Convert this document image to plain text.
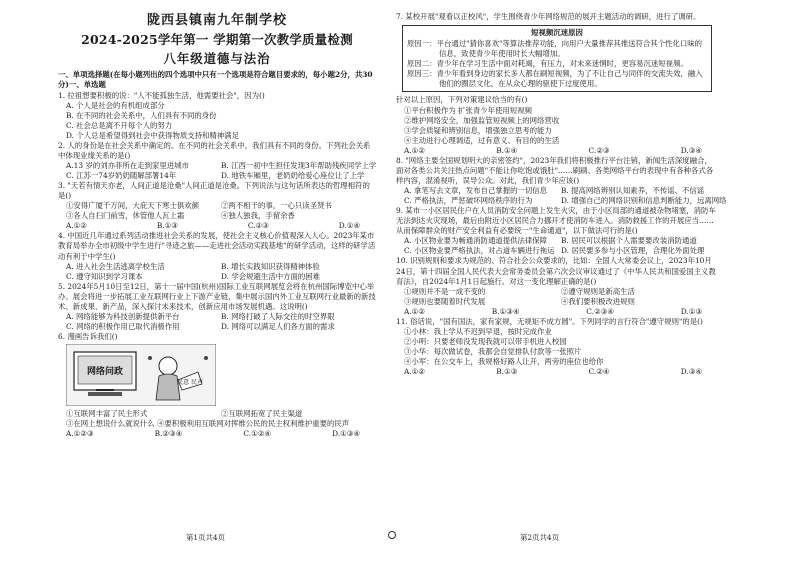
陇西县镇南九年制学校
2024-2025学年第一 学期第一次教学质量检测
八年级道德与法治
一、单项选择题(在每小题列出的四个选项中只有一个选项是符合题目要求的，每小题2分，共30分)一、单选题
1. 拉祖想要积极的说："人不能孤独生活，他需要社会"，因为()
A. 个人是社会的有机组成部分
B. 在不同的社会关系中，人们具有不同的身份
C. 社会总是离不开每个人的努力
D. 个人总是希望得到社会中获得物质支持和精神满足
2. 人的身份是在社会关系中确定的。在不同的社会关系中，我们具有不同的身份。下列社会关系中体现业缘关系的是()
A.13 岁的刘亦菲所在走到家里进城市	B. 江西一初中生担任发现3年帮助残疾同学上学
C. 江苏一74岁奶奶随解部署14年	D. 地铁车厢里，老奶奶给爱心座位让了上学
3. "天若有情天亦老，人间正道是沧桑"人间正道是沧桑。下列说法与这句话所表达的哲理相符的是()
①安得广厦千万间，大庇天下寒士俱欢颜	②两不相干的事，一心只读圣贤书
③各人自扫门前雪，休管他人瓦上霜	④独人独我，手留余香
A.①②	B.①③	C.②③	D.①④
4. 中国近几年通过系列活动推进社会关系的发展，使社会主义核心价值观深入人心。2023年某市教育局举办全市初级中学生进行"寻迹之旅——走进社会活动实践基地"的研学活动，这样的研学活动有利于中学生()
A. 进入社会生活逃离学校生活	B. 增长实践知识获得精神体验
C. 遵守知识到学习课本	D. 学会规避生活中方面的困难
5. 2024年5月10日至12日，第十一届中国(杭州)国际工业互联网展览会将在杭州国际博览中心举办。展会将进一步拓展工业互联网行业上下游产业链，集中展示国内外工业互联网行业最新的新技术、新成果、新产品，深入探讨未来技术，创新应用市场发展机遇。这说明()
A. 网络能够为科技创新提供新平台	B. 网络打破了人际交往的时空界限
C. 网络的积极作用已取代消极作用	D. 网络可以满足人们各方面的需求
6. 漫画告诉我们()
网络问政
民意 民声
①互联网丰富了民主形式	②互联网拓宽了民主渠道
③在网上想说什么就说什么 ④要积极利用互联网对挥维公民的民主权利维护重要的民声
A.①②③	B.②③④	C.①②④	D.①③④
7. 某校开展"观看以正校风"，学生围绕青少年网络规范的展开主题活动的调研，进行了调研。
短视频沉迷原因
原因一：平台通过"猜你喜欢"等算法推荐功能，向用户大量推荐其推送符合其个性化口味的信息，致使青少年使用时长大幅增加。
原因二：青少年在学习生活中面对耗竭，有压力，对未来迷惘时，更容易沉迷短视频。
原因三：青少年看到身边的家长多人都在刷短视频，为了不让自己与同伴的交流失效，融入他们的圈层文化，在从众心理的驱使下过度使用。
针对以上原因，下列对策建议恰当的有()
①平台积极作为 扩张青少年使用短视频
②维护网络安全，加强监管短视频上的网络营收
③学会质疑和辨别信息，增强独立思考的能力
④主动进行心理调适，过有意义、有目的的生活
A.①②	B.①④	C.②③	D.③④
8. "网络主要全国规划明大的亲密签约"，2023年我们将积极推行平台注销，新闻生活深度融合，面对各类公共关注热点问题"不能让你吃饱或饿肚"……刷刷、各类网络平台的表现中有各种各式各样内容，混淆视听，误导公众。对此，我们青少年应该()
A. 拿笔写去文章，发布自己掌握的一切信息	B. 提高网络辨别认知素养，不传谣、不信谣
C. 严格执法，严惩破坏网络秩序的行为	D. 增强自己的网络识别和信息判断能力，远离网络
9. 某市一小区居民住户在人员消防安全问题上发生火灾，由于小区局部的通道被杂物堵塞，消防车无法到达火灾现场，最后由附近小区居民合力挪开才使消防车进入。消防救援工作的开展应当……从而保障群众的财产安全利益有必要统一"生命通道"，以下做法可行的是()
A. 小区物业要为畅通消防通道提供法律保障	B. 居民可以根据个人需要要改装消防通道
C. 小区物业要严格执法，对占道车辆进行拖运 D. 居民要多参与小区管理，合理化外面处理
10. 识别规则和要求为规范的、符合社会公众要求的，比如：全国人大常委会议上，2023年10月24日，第十四届全国人民代表大会常务委员会第六次会议审议通过了《中华人民共和国爱国主义教育法》，自2024年1月1日起施行。对这一变化理解正确的是()
①规则并不是一成不变的	②遵守规则是新高生活
③规则也要随着时代发展	④我们要积极改进规则
A.①②	B.①③④	C.②③④	D.①③
11. 俗话说，"国有国法，家有家规，无规矩不成方圆"。下列同学的言行符合"遵守规则"的是()
①小林：我上学从不迟到早退，按时完成作业
②小明：只要老师没发现我就可以带手机进入校园
③小华：每次做试卷，我都会自觉排队付款等一张照片
④小军：在公交车上，我规格好路人让开，两旁的座位也给你
A.①②	B.①③	C.②④	D.③④
第1页共4页	第2页共4页
